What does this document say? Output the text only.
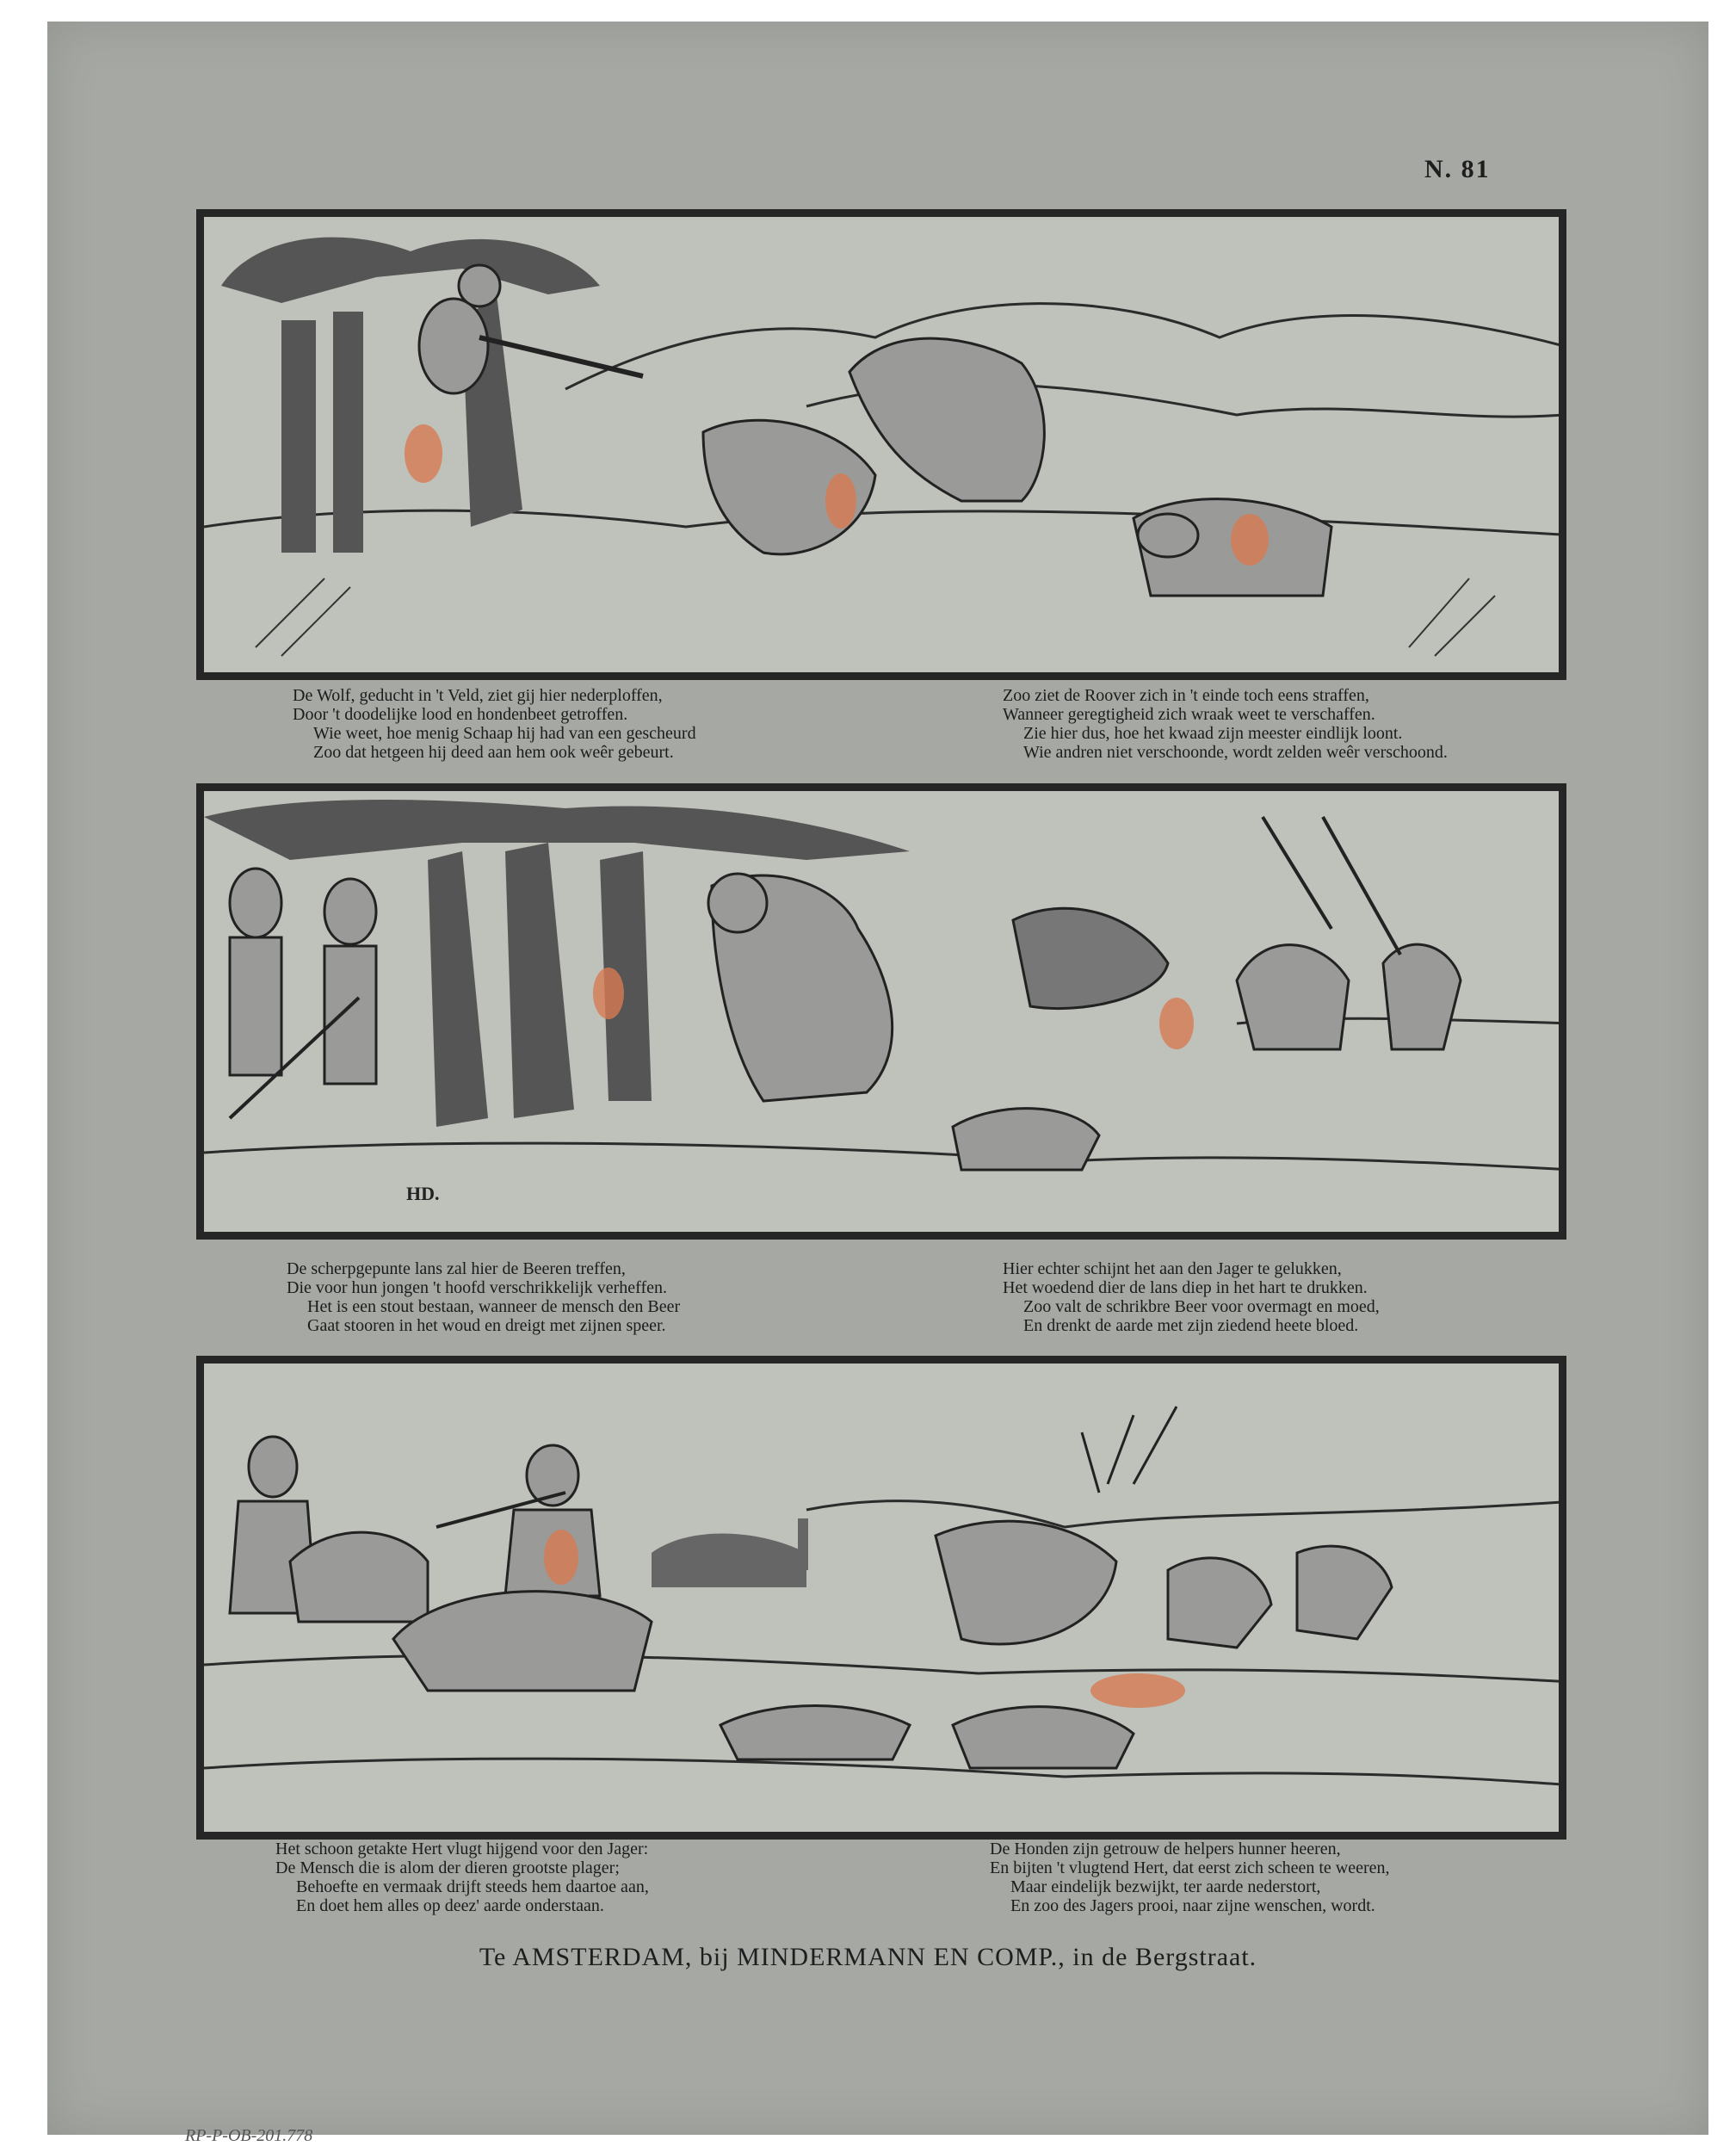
N. 81
De Wolf, geducht in 't Veld, ziet gij hier nederploffen,
Door 't doodelijke lood en hondenbeet getroffen.
Wie weet, hoe menig Schaap hij had van een gescheurd
Zoo dat hetgeen hij deed aan hem ook weêr gebeurt.
Zoo ziet de Roover zich in 't einde toch eens straffen,
Wanneer geregtigheid zich wraak weet te verschaffen.
Zie hier dus, hoe het kwaad zijn meester eindlijk loont.
Wie andren niet verschoonde, wordt zelden weêr verschoond.
HD.
De scherpgepunte lans zal hier de Beeren treffen,
Die voor hun jongen 't hoofd verschrikkelijk verheffen.
Het is een stout bestaan, wanneer de mensch den Beer
Gaat stooren in het woud en dreigt met zijnen speer.
Hier echter schijnt het aan den Jager te gelukken,
Het woedend dier de lans diep in het hart te drukken.
Zoo valt de schrikbre Beer voor overmagt en moed,
En drenkt de aarde met zijn ziedend heete bloed.
Het schoon getakte Hert vlugt hijgend voor den Jager:
De Mensch die is alom der dieren grootste plager;
Behoefte en vermaak drijft steeds hem daartoe aan,
En doet hem alles op deez' aarde onderstaan.
De Honden zijn getrouw de helpers hunner heeren,
En bijten 't vlugtend Hert, dat eerst zich scheen te weeren,
Maar eindelijk bezwijkt, ter aarde nederstort,
En zoo des Jagers prooi, naar zijne wenschen, wordt.
Te AMSTERDAM, bij MINDERMANN EN COMP., in de Bergstraat.
RP-P-OB-201.778
